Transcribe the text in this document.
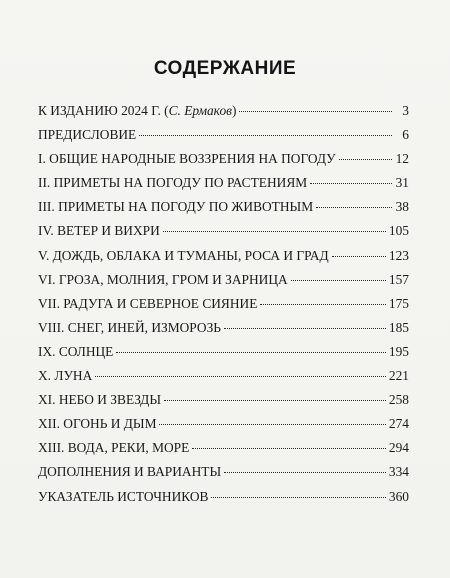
СОДЕРЖАНИЕ
К ИЗДАНИЮ 2024 Г. (С. Ермаков)	3
ПРЕДИСЛОВИЕ	6
I. ОБЩИЕ НАРОДНЫЕ ВОЗЗРЕНИЯ НА ПОГОДУ	12
II. ПРИМЕТЫ НА ПОГОДУ ПО РАСТЕНИЯМ	31
III. ПРИМЕТЫ НА ПОГОДУ ПО ЖИВОТНЫМ	38
IV. ВЕТЕР И ВИХРИ	105
V. ДОЖДЬ, ОБЛАКА И ТУМАНЫ, РОСА И ГРАД	123
VI. ГРОЗА, МОЛНИЯ, ГРОМ И ЗАРНИЦА	157
VII. РАДУГА И СЕВЕРНОЕ СИЯНИЕ	175
VIII. СНЕГ, ИНЕЙ, ИЗМОРОЗЬ	185
IX. СОЛНЦЕ	195
X. ЛУНА	221
XI. НЕБО И ЗВЕЗДЫ	258
XII. ОГОНЬ И ДЫМ	274
XIII. ВОДА, РЕКИ, МОРЕ	294
ДОПОЛНЕНИЯ И ВАРИАНТЫ	334
УКАЗАТЕЛЬ ИСТОЧНИКОВ	360
